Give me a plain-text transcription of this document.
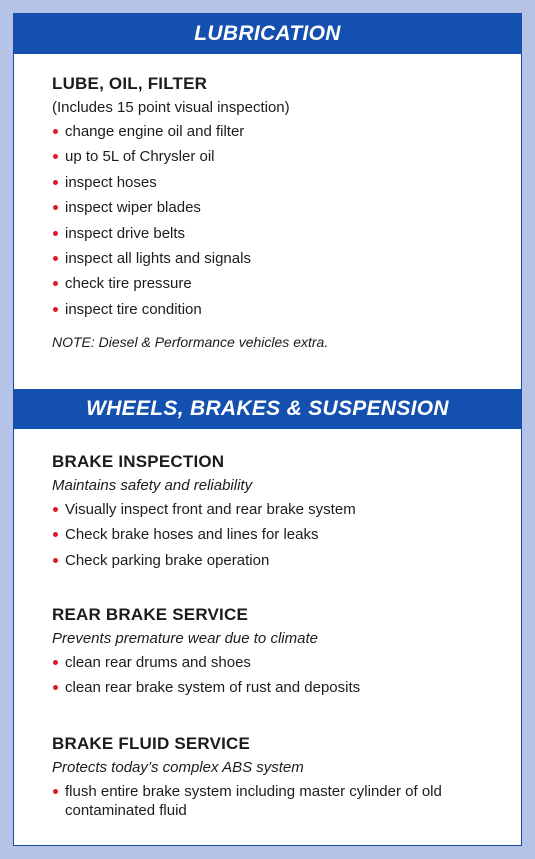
LUBRICATION
LUBE, OIL, FILTER

(Includes 15 point visual inspection)

change engine oil and filter
up to 5L of Chrysler oil
inspect hoses
inspect wiper blades
inspect drive belts
inspect all lights and signals
check tire pressure
inspect tire condition
NOTE: Diesel & Performance vehicles extra.
WHEELS, BRAKES & SUSPENSION
BRAKE INSPECTION

Maintains safety and reliability

Visually inspect front and rear brake system
Check brake hoses and lines for leaks
Check parking brake operation
REAR BRAKE SERVICE

Prevents premature wear due to climate

clean rear drums and shoes
clean rear brake system of rust and deposits
BRAKE FLUID SERVICE

Protects today’s complex ABS system

flush entire brake system including master cylinder of old contaminated fluid
